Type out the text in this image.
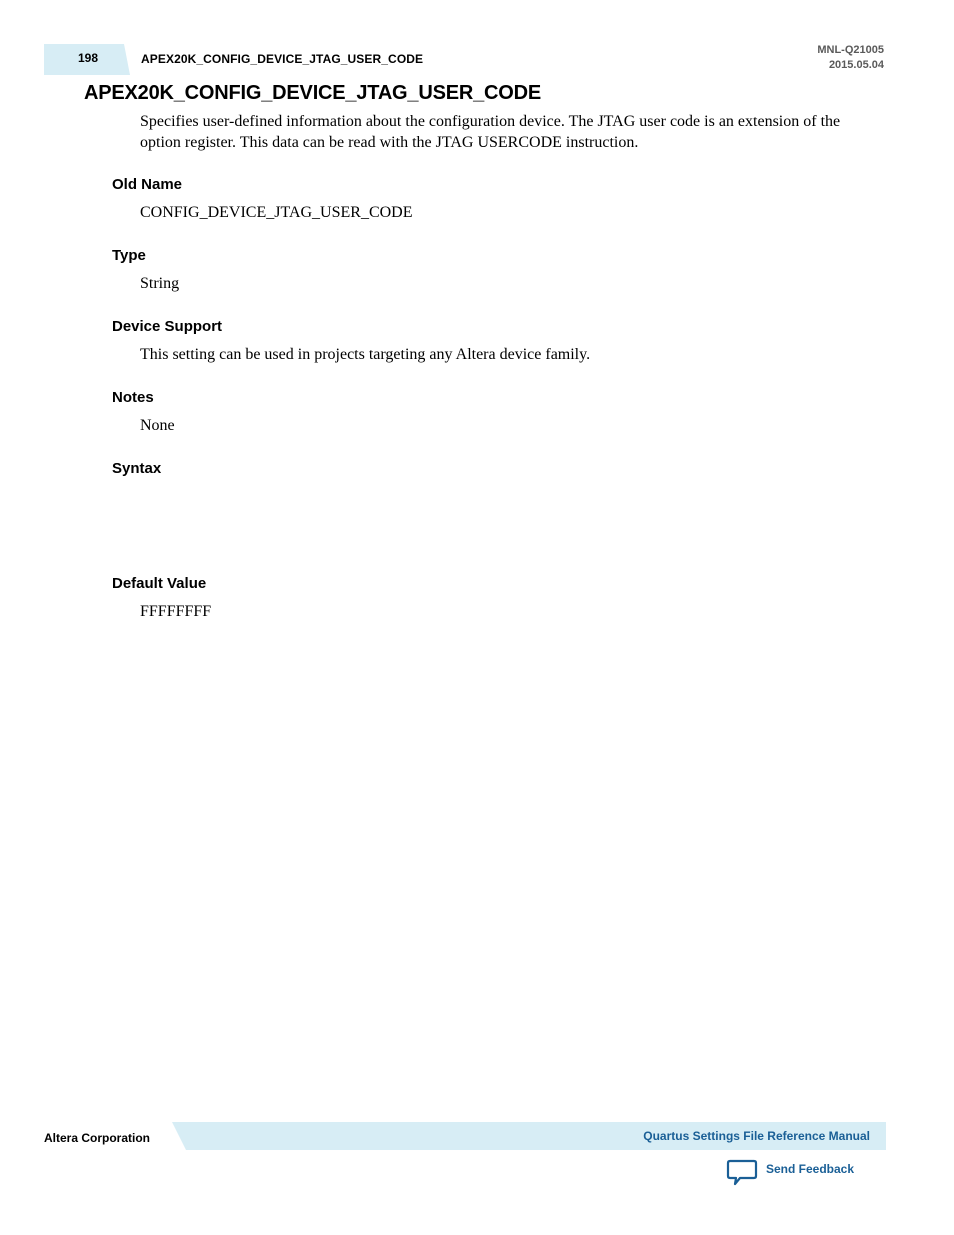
198	APEX20K_CONFIG_DEVICE_JTAG_USER_CODE
MNL-Q21005
2015.05.04
APEX20K_CONFIG_DEVICE_JTAG_USER_CODE

Specifies user-defined information about the configuration device. The JTAG user code is an extension of the option register. This data can be read with the JTAG USERCODE instruction.

Old Name

CONFIG_DEVICE_JTAG_USER_CODE

Type

String

Device Support

This setting can be used in projects targeting any Altera device family.

Notes

None

Syntax

Default Value

FFFFFFFF

Altera Corporation	Quartus Settings File Reference Manual
Send Feedback
